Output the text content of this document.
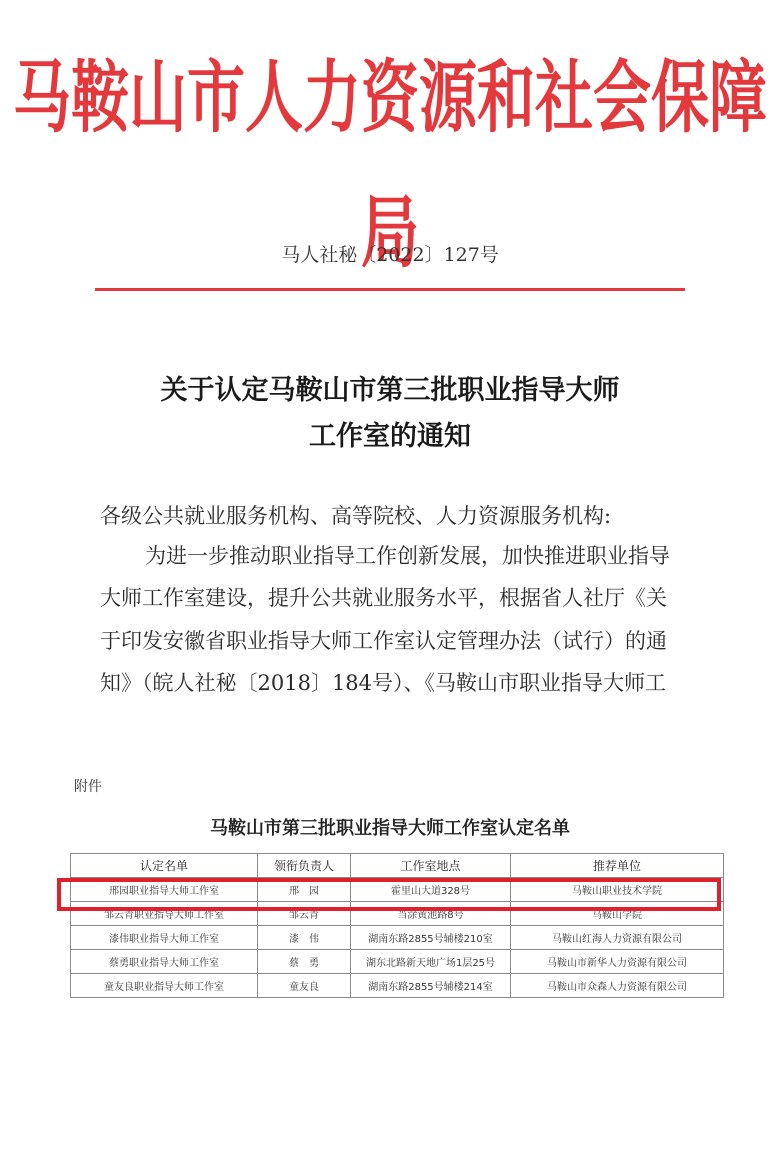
马鞍山市人力资源和社会保障局
马人社秘〔2022〕127号
关于认定马鞍山市第三批职业指导大师
工作室的通知
各级公共就业服务机构、高等院校、人力资源服务机构:
为进一步推动职业指导工作创新发展，加快推进职业指导
大师工作室建设，提升公共就业服务水平，根据省人社厅《关
于印发安徽省职业指导大师工作室认定管理办法（试行）的通
知》（皖人社秘〔2018〕184号）、《马鞍山市职业指导大师工
附件
马鞍山市第三批职业指导大师工作室认定名单
认定名单	领衔负责人	工作室地点	推荐单位
邢园职业指导大师工作室	邢　园	霍里山大道328号	马鞍山职业技术学院
邹云青职业指导大师工作室	邹云青	当涂黄池路8号	马鞍山学院
漆伟职业指导大师工作室	漆　伟	湖南东路2855号辅楼210室	马鞍山红海人力资源有限公司
蔡勇职业指导大师工作室	蔡　勇	湖东北路新天地广场1层25号	马鞍山市新华人力资源有限公司
童友良职业指导大师工作室	童友良	湖南东路2855号辅楼214室	马鞍山市众森人力资源有限公司
